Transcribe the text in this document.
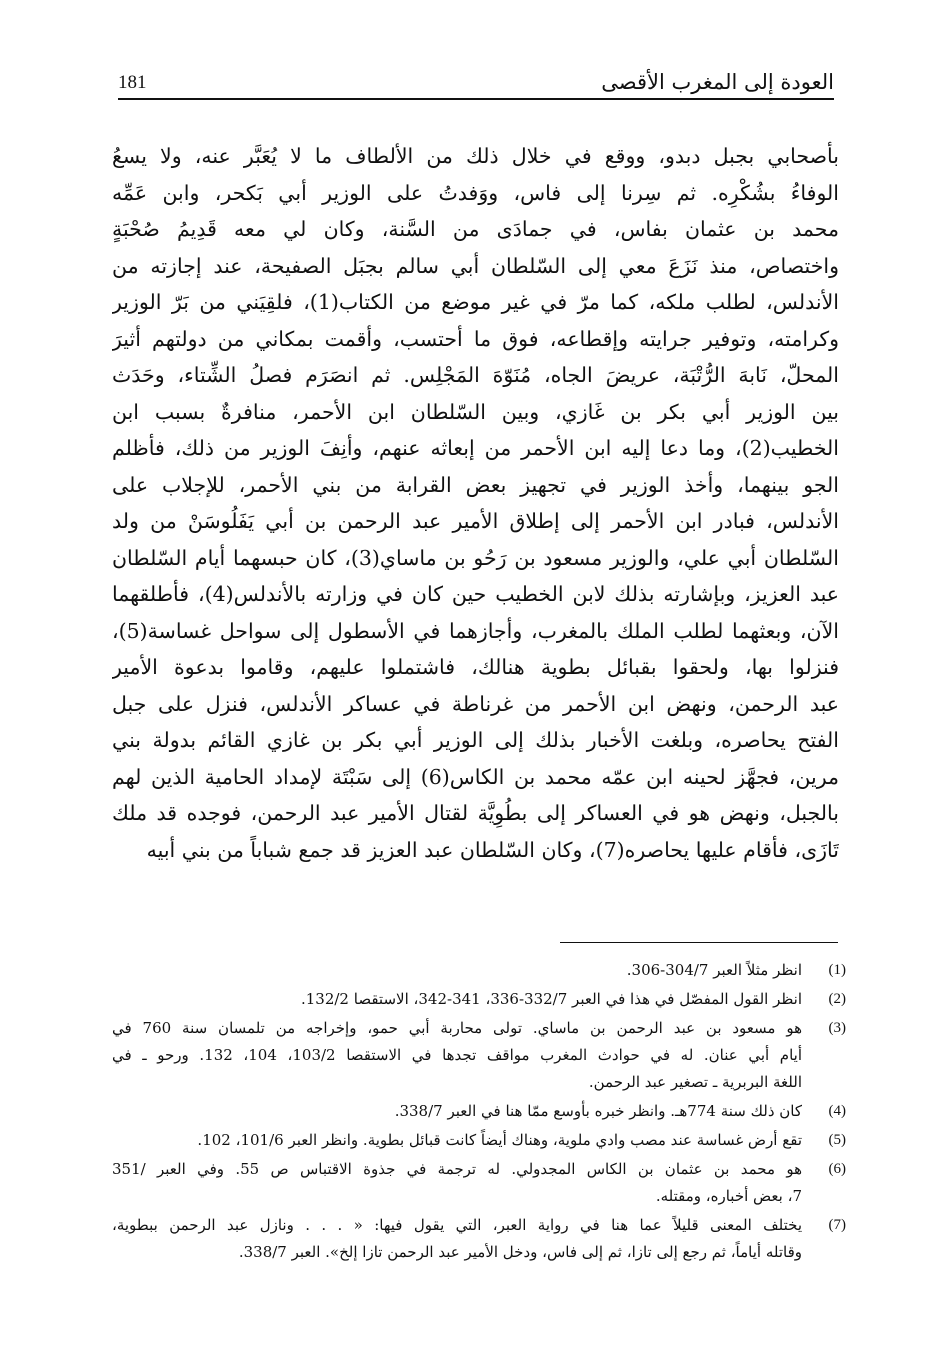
181	العودة إلى المغرب الأقصى
بأصحابي بجبل دبدو، ووقع في خلال ذلك من الألطاف ما لا يُعَبَّر عنه، ولا يسعُ
الوفاءُ بشُكْرِه. ثم سِرنا إلى فاس، ووَفدتُ على الوزير أبي بَكحر، وابن عَمِّه
محمد بن عثمان بفاس، في جمادَى من السَّنة، وكان لي معه قَدِيمُ صُحْبَةٍ
واختصاص، منذ نَزَعَ معي إلى السّلطان أبي سالم بجبَل الصفيحة، عند إجازته من
الأندلس، لطلب ملكه، كما مرّ في غير موضع من الكتاب(1)، فلقِيَني من بَرّ الوزير
وكرامته، وتوفير جرايته وإقطاعه، فوق ما أحتسب، وأقمت بمكاني من دولتهم أثيرَ
المحلّ، نَابهَ الرُّتْبَة، عريضَ الجاه، مُنَوّهَ المَجْلِس. ثم انصَرَم فصلُ الشِّتاء، وحَدَث
بين الوزير أبي بكر بن غَازي، وبين السّلطان ابن الأحمر، منافرةٌ بسبب ابن
الخطيب(2)، وما دعا إليه ابن الأحمر من إبعاثه عنهم، وأنِفَ الوزير من ذلك، فأظلم
الجو بينهما، وأخذ الوزير في تجهيز بعض القرابة من بني الأحمر، للإجلاب على
الأندلس، فبادر ابن الأحمر إلى إطلاق الأمير عبد الرحمن بن أبي يَفَلُوسَنْ من ولد
السّلطان أبي علي، والوزير مسعود بن رَحُو بن ماساي(3)، كان حبسهما أيام السّلطان
عبد العزيز، وبإشارته بذلك لابن الخطيب حين كان في وزارته بالأندلس(4)، فأطلقهما
الآن، وبعثهما لطلب الملك بالمغرب، وأجازهما في الأسطول إلى سواحل غساسة(5)،
فنزلوا بها، ولحقوا بقبائل بطوية هنالك، فاشتملوا عليهم، وقاموا بدعوة الأمير
عبد الرحمن، ونهض ابن الأحمر من غرناطة في عساكر الأندلس، فنزل على جبل
الفتح يحاصره، وبلغت الأخبار بذلك إلى الوزير أبي بكر بن غازي القائم بدولة بني
مرين، فجهَّز لحينه ابن عمّه محمد بن الكاس(6) إلى سَبْتَة لإمداد الحامية الذين لهم
بالجبل، ونهض هو في العساكر إلى بطُوِيَّة لقتال الأمير عبد الرحمن، فوجده قد ملك
تَازَى، فأقام عليها يحاصره(7)، وكان السّلطان عبد العزيز قد جمع شباباً من بني أبيه
(1)
انظر مثلاً العبر 304/7-306.
(2)
انظر القول المفصّل في هذا في العبر 332/7-336، 341-342، الاستقصا 132/2.
(3)
هو مسعود بن عبد الرحمن بن ماساي. تولى محاربة أبي حمو، وإخراجه من تلمسان سنة 760 في
أيام أبي عنان. له في حوادث المغرب مواقف تجدها في الاستقصا 103/2، 104، 132. ورحو ـ في
اللغة البربرية ـ تصغير عبد الرحمن.
(4)
كان ذلك سنة 774هـ. وانظر خبره بأوسع ممّا هنا في العبر 338/7.
(5)
تقع أرض غساسة عند مصب وادي ملوية، وهناك أيضاً كانت قبائل بطوية. وانظر العبر 101/6، 102.
(6)
هو محمد بن عثمان بن الكاس المجدولي. له ترجمة في جذوة الاقتباس ص 55. وفي العبر /351
7، بعض أخباره، ومقتله.
(7)
يختلف المعنى قليلاً عما هنا في رواية العبر، التي يقول فيها: « . . . ونازل عبد الرحمن ببطوية،
وقاتله أياماً، ثم رجع إلى تازا، ثم إلى فاس، ودخل الأمير عبد الرحمن تازا إلخ». العبر 338/7.
